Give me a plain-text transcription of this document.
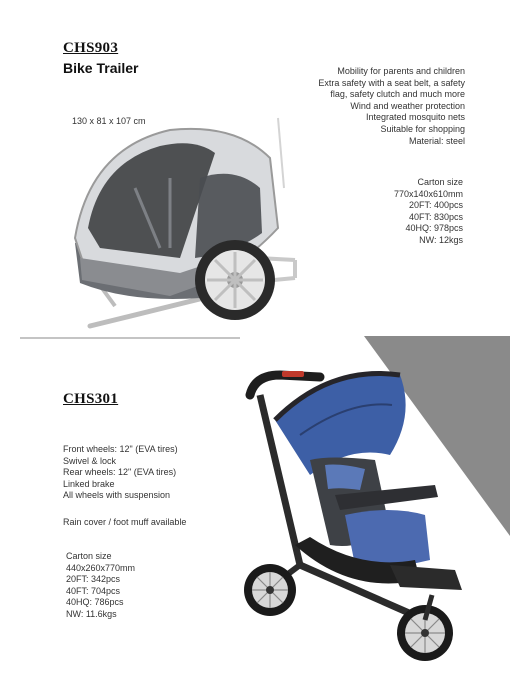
CHS903
Bike Trailer
130 x 81 x 107 cm
Mobility for parents and children
Extra safety with a seat belt, a safety
flag, safety clutch and much more
Wind and weather protection
Integrated mosquito nets
Suitable for shopping
Material: steel
Carton size
770x140x610mm
20FT: 400pcs
40FT: 830pcs
40HQ: 978pcs
NW: 12kgs
CHS301
Front wheels: 12" (EVA tires)
Swivel & lock
Rear wheels: 12" (EVA tires)
Linked brake
All wheels with suspension
Rain cover / foot muff available
Carton size
440x260x770mm
20FT: 342pcs
40FT: 704pcs
40HQ: 786pcs
NW: 11.6kgs
